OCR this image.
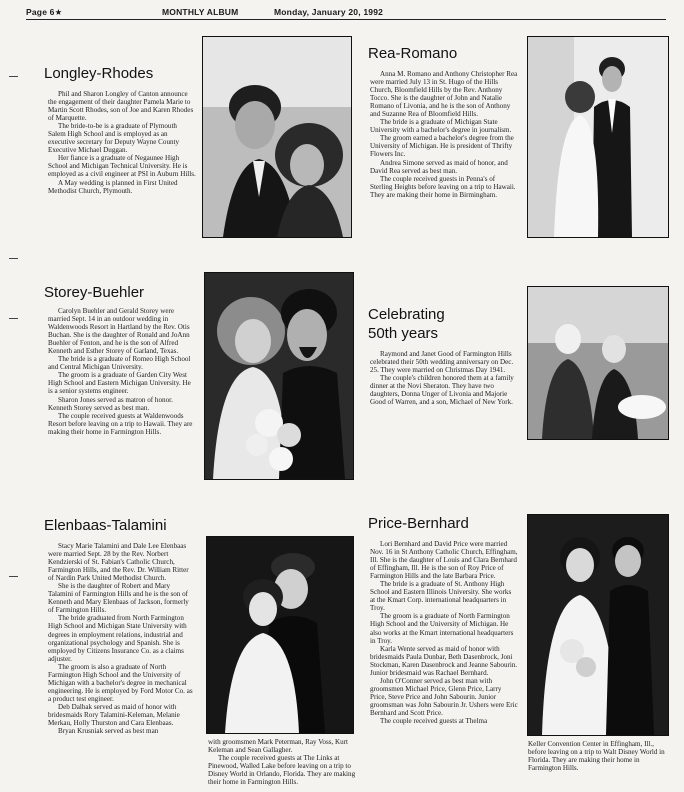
Page 6★	MONTHLY ALBUM	Monday, January 20, 1992
Longley-Rhodes

Phil and Sharon Longley of Canton announce the engagement of their daughter Pamela Marie to Martin Scott Rhodes, son of Joe and Karen Rhodes of Marquette.

The bride-to-be is a graduate of Plymouth Salem High School and is employed as an executive secretary for Deputy Wayne County Executive Michael Duggan.

Her fiance is a graduate of Negaunee High School and Michigan Technical University. He is employed as a civil engineer at PSI in Auburn Hills.

A May wedding is planned in First United Methodist Church, Plymouth.

Rea-Romano

Anna M. Romano and Anthony Christopher Rea were married July 13 in St. Hugo of the Hills Church, Bloomfield Hills by the Rev. Anthony Tocco. She is the daughter of John and Natalie Romano of Livonia, and he is the son of Anthony and Suzanne Rea of Bloomfield Hills.

The bride is a graduate of Michigan State University with a bachelor's degree in journalism.

The groom earned a bachelor's degree from the University of Michigan. He is president of Thrifty Flowers Inc.

Andrea Simone served as maid of honor, and David Rea served as best man.

The couple received guests in Penna's of Sterling Heights before leaving on a trip to Hawaii. They are making their home in Birmingham.

Storey-Buehler

Carolyn Buehler and Gerald Storey were married Sept. 14 in an outdoor wedding in Waldenwoods Resort in Hartland by the Rev. Otis Buchan. She is the daughter of Ronald and JoAnn Buehler of Fenton, and he is the son of Alfred Kenneth and Esther Storey of Garland, Texas.

The bride is a graduate of Romeo High School and Central Michigan University.

The groom is a graduate of Garden City West High School and Eastern Michigan University. He is a senior systems engineer.

Sharon Jones served as matron of honor. Kenneth Storey served as best man.

The couple received guests at Waldenwoods Resort before leaving on a trip to Hawaii. They are making their home in Farmington Hills.

Celebrating
50th years

Raymond and Janet Good of Farmington Hills celebrated their 50th wedding anniversary on Dec. 25. They were married on Christmas Day 1941.

The couple's children honored them at a family dinner at the Novi Sheraton. They have two daughters, Donna Unger of Livonia and Majorie Good of Warren, and a son, Michael of New York.

Elenbaas-Talamini

Stacy Marie Talamini and Dale Lee Elenbaas were married Sept. 28 by the Rev. Norbert Kendzierski of St. Fabian's Catholic Church, Farmington Hills, and the Rev. Dr. William Ritter of Nardin Park United Methodist Church.

She is the daughter of Robert and Mary Talamini of Farmington Hills and he is the son of Kenneth and Mary Elenbaas of Jackson, formerly of Farmington Hills.

The bride graduated from North Farmington High School and Michigan State University with degrees in employment relations, industrial and organizational psychology and Spanish. She is employed by Citizens Insurance Co. as a claims adjuster.

The groom is also a graduate of North Farmington High School and the University of Michigan with a bachelor's degree in mechanical engineering. He is employed by Ford Motor Co. as a product test engineer.

Deb Dalbak served as maid of honor with bridesmaids Rory Talamini-Keleman, Melanie Merkau, Holly Thurston and Cara Elenbaas.

Bryan Krusniak served as best man

with groomsmen Mark Peterman, Ray Voss, Kurt Keleman and Sean Gallagher.

The couple received guests at The Links at Pinewood, Walled Lake before leaving on a trip to Disney World in Orlando, Florida. They are making their home in Farmington Hills.

Price-Bernhard

Lori Bernhard and David Price were married Nov. 16 in St Anthony Catholic Church, Effingham, Ill. She is the daughter of Louis and Clara Bernhard of Effingham, Ill. He is the son of Roy Price of Farmington Hills and the late Barbara Price.

The bride is a graduate of St. Anthony High School and Eastern Illinois University. She works at the Kmart Corp. international headquarters in Troy.

The groom is a graduate of North Farmington High School and the University of Michigan. He also works at the Kmart international headquarters in Troy.

Karla Wente served as maid of honor with bridesmaids Paula Dunbar, Beth Dasenbrock, Joni Stockman, Karen Dasenbrock and Jeanne Sabourin. Junior bridesmaid was Rachael Bernhard.

John O'Conner served as best man with groomsmen Michael Price, Glenn Price, Larry Price, Steve Price and John Sabourin. Junior groomsman was John Sabourin Jr. Ushers were Eric Bernhard and Scott Price.

The couple received guests at Thelma

Keller Convention Center in Effingham, Ill., before leaving on a trip to Walt Disney World in Florida. They are making their home in Farmington Hills.
